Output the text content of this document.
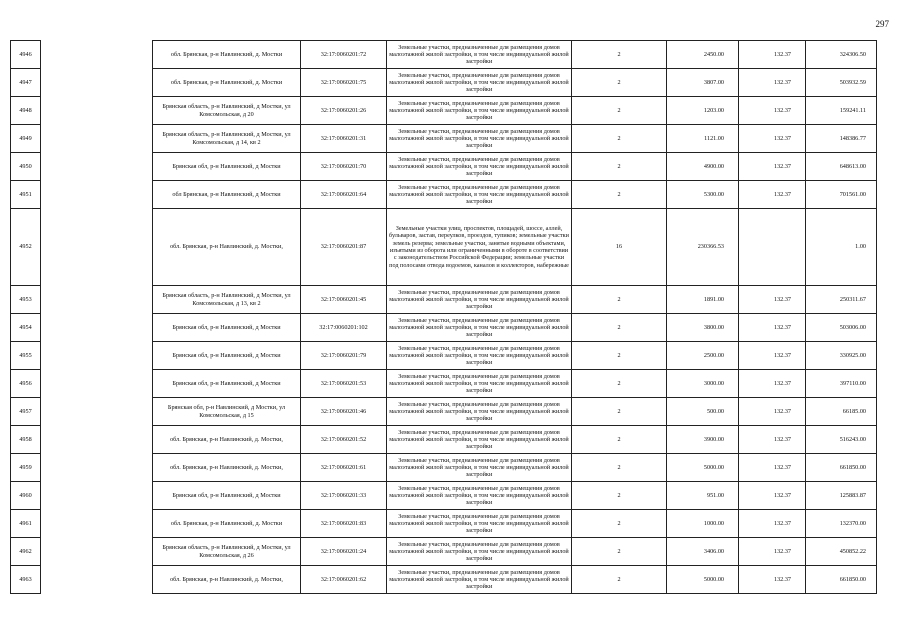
297
4946		обл. Брянская, р-н Навлинский, д. Мостки	32:17:0060201:72	Земельные участки, предназначенные для размещения домов малоэтажной жилой застройки, в том числе индивидуальной жилой застройки	2	2450.00	132.37	324306.50
4947		обл. Брянская, р-н Навлинский, д. Мостки	32:17:0060201:75	Земельные участки, предназначенные для размещения домов малоэтажной жилой застройки, в том числе индивидуальной жилой застройки	2	3807.00	132.37	503932.59
4948		Брянская область, р-н Навлинский, д Мостки, ул Комсомольская, д 20	32:17:0060201:26	Земельные участки, предназначенные для размещения домов малоэтажной жилой застройки, в том числе индивидуальной жилой застройки	2	1203.00	132.37	159241.11
4949		Брянская область, р-н Навлинский, д Мостки, ул Комсомольская, д 14, кв 2	32:17:0060201:31	Земельные участки, предназначенные для размещения домов малоэтажной жилой застройки, в том числе индивидуальной жилой застройки	2	1121.00	132.37	148386.77
4950		Брянская обл, р-н Навлинский, д Мостки	32:17:0060201:70	Земельные участки, предназначенные для размещения домов малоэтажной жилой застройки, в том числе индивидуальной жилой застройки	2	4900.00	132.37	648613.00
4951		обл Брянская, р-н Навлинский, д Мостки	32:17:0060201:64	Земельные участки, предназначенные для размещения домов малоэтажной жилой застройки, в том числе индивидуальной жилой застройки	2	5300.00	132.37	701561.00
4952		обл. Брянская, р-н Навлинский, д. Мостки,	32:17:0060201:87	Земельные участки улиц, проспектов, площадей, шоссе, аллей, бульваров, застав, переулков, проездов, тупиков; земельные участки земель резерва; земельные участки, занятые водными объектами, изъятыми из оборота или ограниченными в обороте в соответствии с законодательством Российской Федерации; земельные участки под полосами отвода водоемов, каналов и коллекторов, набережные	16	230366.53		1.00
4953		Брянская область, р-н Навлинский, д Мостки, ул Комсомольская, д 13, кв 2	32:17:0060201:45	Земельные участки, предназначенные для размещения домов малоэтажной жилой застройки, в том числе индивидуальной жилой застройки	2	1891.00	132.37	250311.67
4954		Брянская обл, р-н Навлинский, д Мостки	32:17:0060201:102	Земельные участки, предназначенные для размещения домов малоэтажной жилой застройки, в том числе индивидуальной жилой застройки	2	3800.00	132.37	503006.00
4955		Брянская обл, р-н Навлинский, д Мостки	32:17:0060201:79	Земельные участки, предназначенные для размещения домов малоэтажной жилой застройки, в том числе индивидуальной жилой застройки	2	2500.00	132.37	330925.00
4956		Брянская обл, р-н Навлинский, д Мостки	32:17:0060201:53	Земельные участки, предназначенные для размещения домов малоэтажной жилой застройки, в том числе индивидуальной жилой застройки	2	3000.00	132.37	397110.00
4957		Брянская обл, р-н Навлинский, д Мостки, ул Комсомольская, д 15	32:17:0060201:46	Земельные участки, предназначенные для размещения домов малоэтажной жилой застройки, в том числе индивидуальной жилой застройки	2	500.00	132.37	66185.00
4958		обл. Брянская, р-н Навлинский, д. Мостки,	32:17:0060201:52	Земельные участки, предназначенные для размещения домов малоэтажной жилой застройки, в том числе индивидуальной жилой застройки	2	3900.00	132.37	516243.00
4959		обл. Брянская, р-н Навлинский, д. Мостки,	32:17:0060201:61	Земельные участки, предназначенные для размещения домов малоэтажной жилой застройки, в том числе индивидуальной жилой застройки	2	5000.00	132.37	661850.00
4960		Брянская обл, р-н Навлинский, д Мостки	32:17:0060201:33	Земельные участки, предназначенные для размещения домов малоэтажной жилой застройки, в том числе индивидуальной жилой застройки	2	951.00	132.37	125883.87
4961		обл. Брянская, р-н Навлинский, д. Мостки	32:17:0060201:83	Земельные участки, предназначенные для размещения домов малоэтажной жилой застройки, в том числе индивидуальной жилой застройки	2	1000.00	132.37	132370.00
4962		Брянская область, р-н Навлинский, д Мостки, ул Комсомольская, д 26	32:17:0060201:24	Земельные участки, предназначенные для размещения домов малоэтажной жилой застройки, в том числе индивидуальной жилой застройки	2	3406.00	132.37	450852.22
4963		обл. Брянская, р-н Навлинский, д. Мостки,	32:17:0060201:62	Земельные участки, предназначенные для размещения домов малоэтажной жилой застройки, в том числе индивидуальной жилой застройки	2	5000.00	132.37	661850.00
